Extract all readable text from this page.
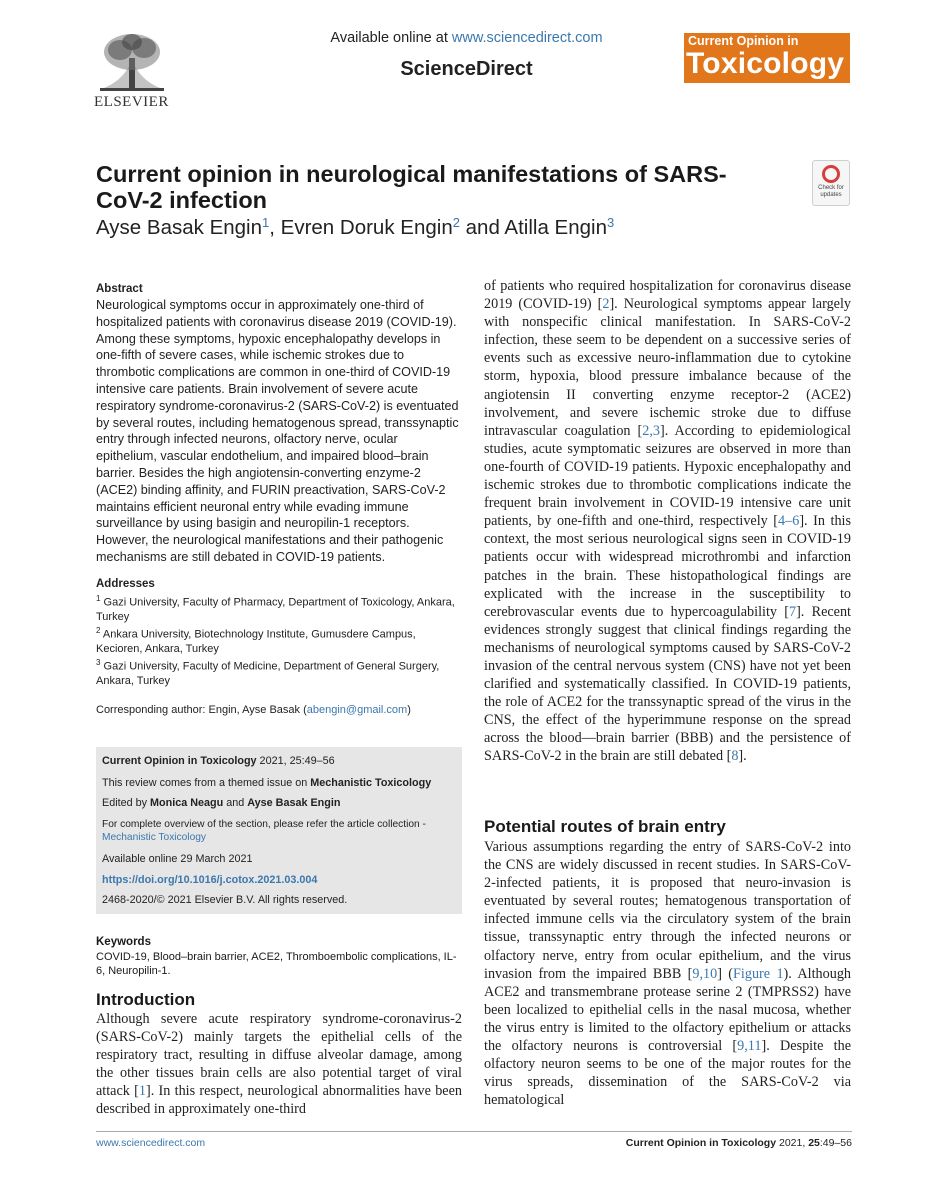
ELSEVIER
Available online at www.sciencedirect.com
ScienceDirect
Current Opinion in
Toxicology
Current opinion in neurological manifestations of SARS-CoV-2 infection	Check for updates
Ayse Basak Engin$^1$, Evren Doruk Engin$^2$ and Atilla Engin$^3$
Abstract
Neurological symptoms occur in approximately one-third of hospitalized patients with coronavirus disease 2019 (COVID-19). Among these symptoms, hypoxic encephalopathy develops in one-fifth of severe cases, while ischemic strokes due to thrombotic complications are common in one-third of COVID-19 intensive care patients. Brain involvement of severe acute respiratory syndrome-coronavirus-2 (SARS-CoV-2) is eventuated by several routes, including hematogenous spread, transsynaptic entry through infected neurons, olfactory nerve, ocular epithelium, vascular endothelium, and impaired blood–brain barrier. Besides the high angiotensin-converting enzyme-2 (ACE2) binding affinity, and FURIN preactivation, SARS-CoV-2 maintains efficient neuronal entry while evading immune surveillance by using basigin and neuropilin-1 receptors. However, the neurological manifestations and their pathogenic mechanisms are still debated in COVID-19 patients.
Addresses
$^1$ Gazi University, Faculty of Pharmacy, Department of Toxicology, Ankara, Turkey
$^2$ Ankara University, Biotechnology Institute, Gumusdere Campus, Kecioren, Ankara, Turkey
$^3$ Gazi University, Faculty of Medicine, Department of General Surgery, Ankara, Turkey
Corresponding author: Engin, Ayse Basak (abengin@gmail.com)
Current Opinion in Toxicology 2021, 25:49–56
This review comes from a themed issue on Mechanistic Toxicology
Edited by Monica Neagu and Ayse Basak Engin
For complete overview of the section, please refer the article collection - Mechanistic Toxicology
Available online 29 March 2021
https://doi.org/10.1016/j.cotox.2021.03.004
2468-2020/© 2021 Elsevier B.V. All rights reserved.
Keywords
COVID-19, Blood–brain barrier, ACE2, Thromboembolic complications, IL-6, Neuropilin-1.
Introduction
Although severe acute respiratory syndrome-coronavirus-2 (SARS-CoV-2) mainly targets the epithelial cells of the respiratory tract, resulting in diffuse alveolar damage, among the other tissues brain cells are also potential target of viral attack [1]. In this respect, neurological abnormalities have been described in approximately one-third
of patients who required hospitalization for coronavirus disease 2019 (COVID-19) [2]. Neurological symptoms appear largely with nonspecific clinical manifestation. In SARS-CoV-2 infection, these seem to be dependent on a successive series of events such as excessive neuro-inflammation due to cytokine storm, hypoxia, blood pressure imbalance because of the angiotensin II converting enzyme receptor-2 (ACE2) involvement, and severe ischemic stroke due to diffuse intravascular coagulation [2,3]. According to epidemiological studies, acute symptomatic seizures are observed in more than one-fourth of COVID-19 patients. Hypoxic encephalopathy and ischemic strokes due to thrombotic complications indicate the frequent brain involvement in COVID-19 intensive care unit patients, by one-fifth and one-third, respectively [4–6]. In this context, the most serious neurological signs seen in COVID-19 patients occur with widespread microthrombi and infarction patches in the brain. These histopathological findings are explicated with the increase in the susceptibility to cerebrovascular events due to hypercoagulability [7]. Recent evidences strongly suggest that clinical findings regarding the mechanisms of neurological symptoms caused by SARS-CoV-2 invasion of the central nervous system (CNS) have not yet been clarified and systematically classified. In COVID-19 patients, the role of ACE2 for the transsynaptic spread of the virus in the CNS, the effect of the hyperimmune response on the spread across the blood—brain barrier (BBB) and the persistence of SARS-CoV-2 in the brain are still debated [8].
Potential routes of brain entry
Various assumptions regarding the entry of SARS-CoV-2 into the CNS are widely discussed in recent studies. In SARS-CoV-2-infected patients, it is proposed that neuro-invasion is eventuated by several routes; hematogenous transportation of infected immune cells via the circulatory system of the brain tissue, transsynaptic entry through the infected neurons or olfactory nerve, entry from ocular epithelium, and the virus invasion from the impaired BBB [9,10] (Figure 1). Although ACE2 and transmembrane protease serine 2 (TMPRSS2) have been localized to epithelial cells in the nasal mucosa, whether the virus entry is limited to the olfactory epithelium or attacks the olfactory neurons is controversial [9,11]. Despite the olfactory neuron seems to be one of the major routes for the virus spreads, dissemination of the SARS-CoV-2 via hematological
www.sciencedirect.com	Current Opinion in Toxicology 2021, 25:49–56
